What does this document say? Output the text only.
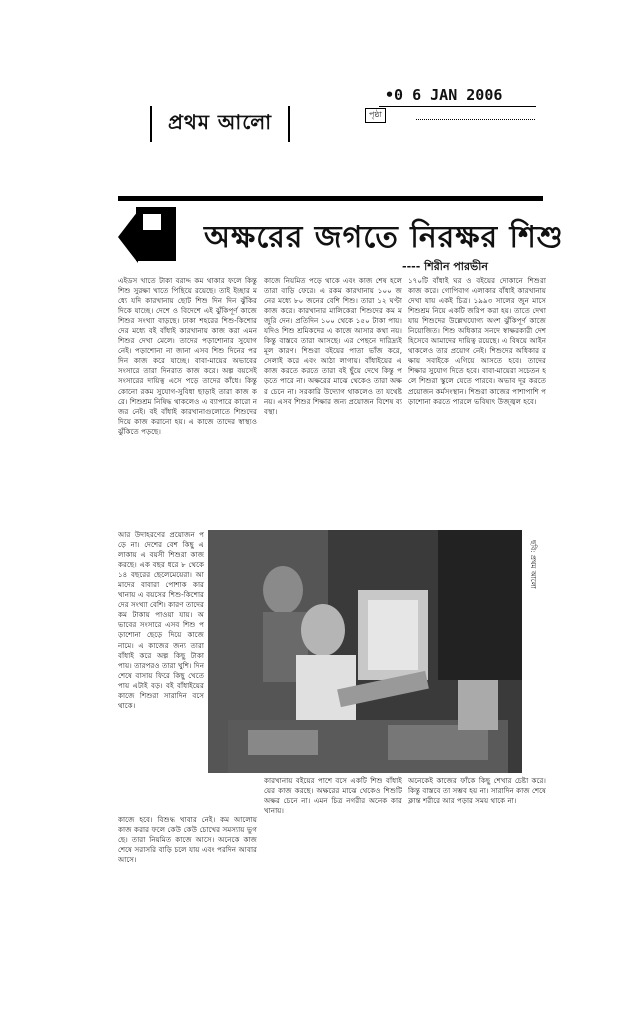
প্রথম আলো
•0 6 JAN 2006
পৃষ্ঠা
অক্ষরের জগতে নিরক্ষর শিশু
---- শিরীন পারভীন
এইডস খাতে টাকা বরাদ্দ কম থাকার ফলে কিন্তু শিশু সুরক্ষা খাতে পিছিয়ে রয়েছে। তাই ইচ্ছার মধ্যে যদি কারখানায় ছোট শিশু দিন দিন ঝুঁকির দিকে যাচ্ছে। দেশে ও বিদেশে এই ঝুঁকিপূর্ণ কাজে শিশুর সংখ্যা বাড়ছে। ঢাকা শহরের শিশু-কিশোরদের মধ্যে বই বাঁধাই কারখানায় কাজ করা এমন শিশুর দেখা মেলে। তাদের পড়াশোনার সুযোগ নেই। পড়াশোনা না জানা এসব শিশু দিনের পর দিন কাজ করে যাচ্ছে। বাবা-মায়ের অভাবের সংসারে তারা দিনরাত কাজ করে। অল্প বয়সেই সংসারের দায়িত্ব এসে পড়ে তাদের কাঁধে। কিন্তু কোনো রকম সুযোগ-সুবিধা ছাড়াই তারা কাজ করে। শিশুশ্রম নিষিদ্ধ থাকলেও এ ব্যাপারে কারো নজর নেই। বই বাঁধাই কারখানাগুলোতে শিশুদের দিয়ে কাজ করানো হয়। এ কাজে তাদের স্বাস্থ্যও ঝুঁকিতে পড়ছে।
আর উদাহরণের প্রয়োজন পড়ে না। দেশের বেশ কিছু এলাকায় এ বয়সী শিশুরা কাজ করছে। এক বছর ধরে ৮ থেকে ১৪ বছরের ছেলেমেয়েরা। আমাদের বাবারা পোশাক কারখানায় এ বয়সের শিশু-কিশোরদের সংখ্যা বেশি। কারণ তাদের কম টাকায় পাওয়া যায়। অভাবের সংসারে এসব শিশু পড়াশোনা ছেড়ে দিয়ে কাজে নামে। এ কাজের জন্য তারা বাঁধাই করে অল্প কিছু টাকা পায়। তারপরও তারা খুশি। দিন শেষে বাসায় ফিরে কিছু খেতে পায় এটাই বড়। বই বাঁধাইয়ের কাজে শিশুরা সারাদিন বসে থাকে।
কাজে হবে। বিশুদ্ধ খাবার নেই। কম আলোয় কাজ করার ফলে কেউ কেউ চোখের সমস্যায় ভুগছে। তারা নিয়মিত কাজে আসে। অনেকে কাজ শেষে সরাসরি বাড়ি চলে যায় এবং পরদিন আবার আসে।
কাজে নিয়মিত পড়ে থাকে এবং কাজ শেষ হলে তারা বাড়ি ফেরে। এ রকম কারখানায় ১০০ জনের মধ্যে ৮০ জনের বেশি শিশু। তারা ১২ ঘণ্টা কাজ করে। কারখানার মালিকেরা শিশুদের কম মজুরি দেন। প্রতিদিন ১০০ থেকে ১৫০ টাকা পায়। যদিও শিশু শ্রমিকদের এ কাজে আসার কথা নয়। কিন্তু বাস্তবে তারা আসছে। এর পেছনে দারিদ্র্যই মূল কারণ। শিশুরা বইয়ের পাতা ভাঁজ করে, সেলাই করে এবং আঠা লাগায়। বাঁধাইয়ের এ কাজ করতে করতে তারা বই ছুঁয়ে দেখে কিন্তু পড়তে পারে না। অক্ষরের মাঝে থেকেও তারা অক্ষর চেনে না। সরকারি উদ্যোগ থাকলেও তা যথেষ্ট নয়। এসব শিশুর শিক্ষার জন্য প্রয়োজন বিশেষ ব্যবস্থা।
১৭০টি বাঁধাই ঘর ও বইয়ের দোকানে শিশুরা কাজ করে। গোপিবাগ এলাকার বাঁধাই কারখানায় দেখা যায় একই চিত্র। ১৯৯৩ সালের জুন মাসে শিশুশ্রম নিয়ে একটি জরিপ করা হয়। তাতে দেখা যায় শিশুদের উল্লেখযোগ্য অংশ ঝুঁকিপূর্ণ কাজে নিয়োজিত। শিশু অধিকার সনদে স্বাক্ষরকারী দেশ হিসেবে আমাদের দায়িত্ব রয়েছে। এ বিষয়ে আইন থাকলেও তার প্রয়োগ নেই। শিশুদের অধিকার রক্ষায় সবাইকে এগিয়ে আসতে হবে। তাদের শিক্ষার সুযোগ দিতে হবে। বাবা-মায়েরা সচেতন হলে শিশুরা স্কুলে যেতে পারবে। অভাব দূর করতে প্রয়োজন কর্মসংস্থান। শিশুরা কাজের পাশাপাশি পড়াশোনা করতে পারলে ভবিষ্যৎ উজ্জ্বল হবে।
ছবি: প্রথম আলো
কারখানায় বইয়ের পাশে বসে একটি শিশু বাঁধাইয়ের কাজ করছে। অক্ষরের মাঝে থেকেও শিশুটি অক্ষর চেনে না। এমন চিত্র নগরীর অনেক কারখানায়।
অনেকেই কাজের ফাঁকে কিছু শেখার চেষ্টা করে। কিন্তু বাস্তবে তা সম্ভব হয় না। সারাদিন কাজ শেষে ক্লান্ত শরীরে আর পড়ার সময় থাকে না।
